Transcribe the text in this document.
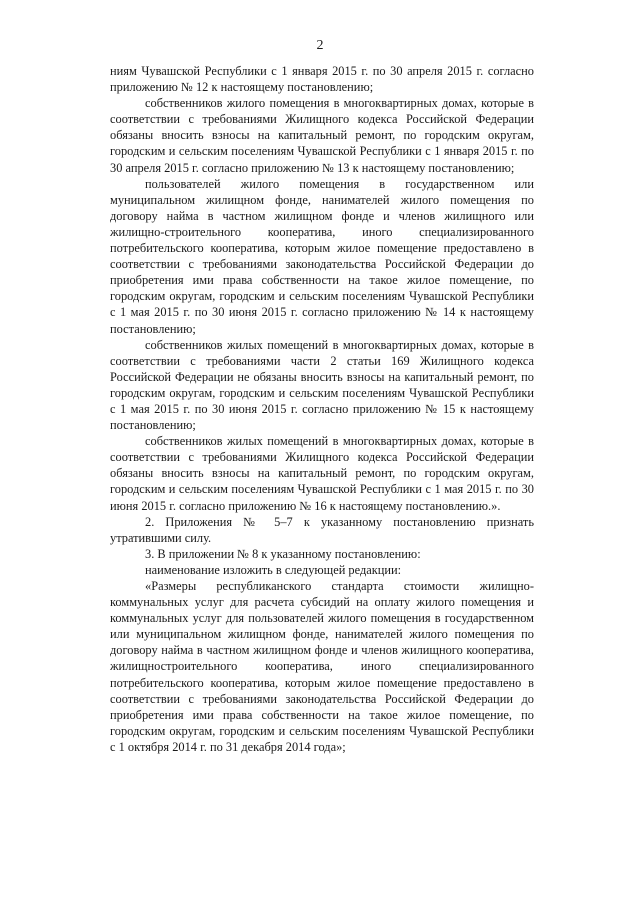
2

ниям Чувашской Республики с 1 января 2015 г. по 30 апреля 2015 г. согласно приложению № 12 к настоящему постановлению;

собственников жилого помещения в многоквартирных домах, которые в соответствии с требованиями Жилищного кодекса Российской Федерации обязаны вносить взносы на капитальный ремонт, по городским округам, городским и сельским поселениям Чувашской Республики с 1 января 2015 г. по 30 апреля 2015 г. согласно приложению № 13 к настоящему постановлению;

пользователей жилого помещения в государственном или муниципальном жилищном фонде, нанимателей жилого помещения по договору найма в частном жилищном фонде и членов жилищного или жилищно-строительного кооператива, иного специализированного потребительского кооператива, которым жилое помещение предоставлено в соответствии с требованиями законодательства Российской Федерации до приобретения ими права собственности на такое жилое помещение, по городским округам, городским и сельским поселениям Чувашской Республики с 1 мая 2015 г. по 30 июня 2015 г. согласно приложению № 14 к настоящему постановлению;

собственников жилых помещений в многоквартирных домах, которые в соответствии с требованиями части 2 статьи 169 Жилищного кодекса Российской Федерации не обязаны вносить взносы на капитальный ремонт, по городским округам, городским и сельским поселениям Чувашской Республики с 1 мая 2015 г. по 30 июня 2015 г. согласно приложению № 15 к настоящему постановлению;

собственников жилых помещений в многоквартирных домах, которые в соответствии с требованиями Жилищного кодекса Российской Федерации обязаны вносить взносы на капитальный ремонт, по городским округам, городским и сельским поселениям Чувашской Республики с 1 мая 2015 г. по 30 июня 2015 г. согласно приложению № 16 к настоящему постановлению.».

2. Приложения № 5–7 к указанному постановлению признать утратившими силу.

3. В приложении № 8 к указанному постановлению:

наименование изложить в следующей редакции:

«Размеры республиканского стандарта стоимости жилищно-коммунальных услуг для расчета субсидий на оплату жилого помещения и коммунальных услуг для пользователей жилого помещения в государственном или муниципальном жилищном фонде, нанимателей жилого помещения по договору найма в частном жилищном фонде и членов жилищного кооператива, жилищностроительного кооператива, иного специализированного потребительского кооператива, которым жилое помещение предоставлено в соответствии с требованиями законодательства Российской Федерации до приобретения ими права собственности на такое жилое помещение, по городским округам, городским и сельским поселениям Чувашской Республики с 1 октября 2014 г. по 31 декабря 2014 года»;
